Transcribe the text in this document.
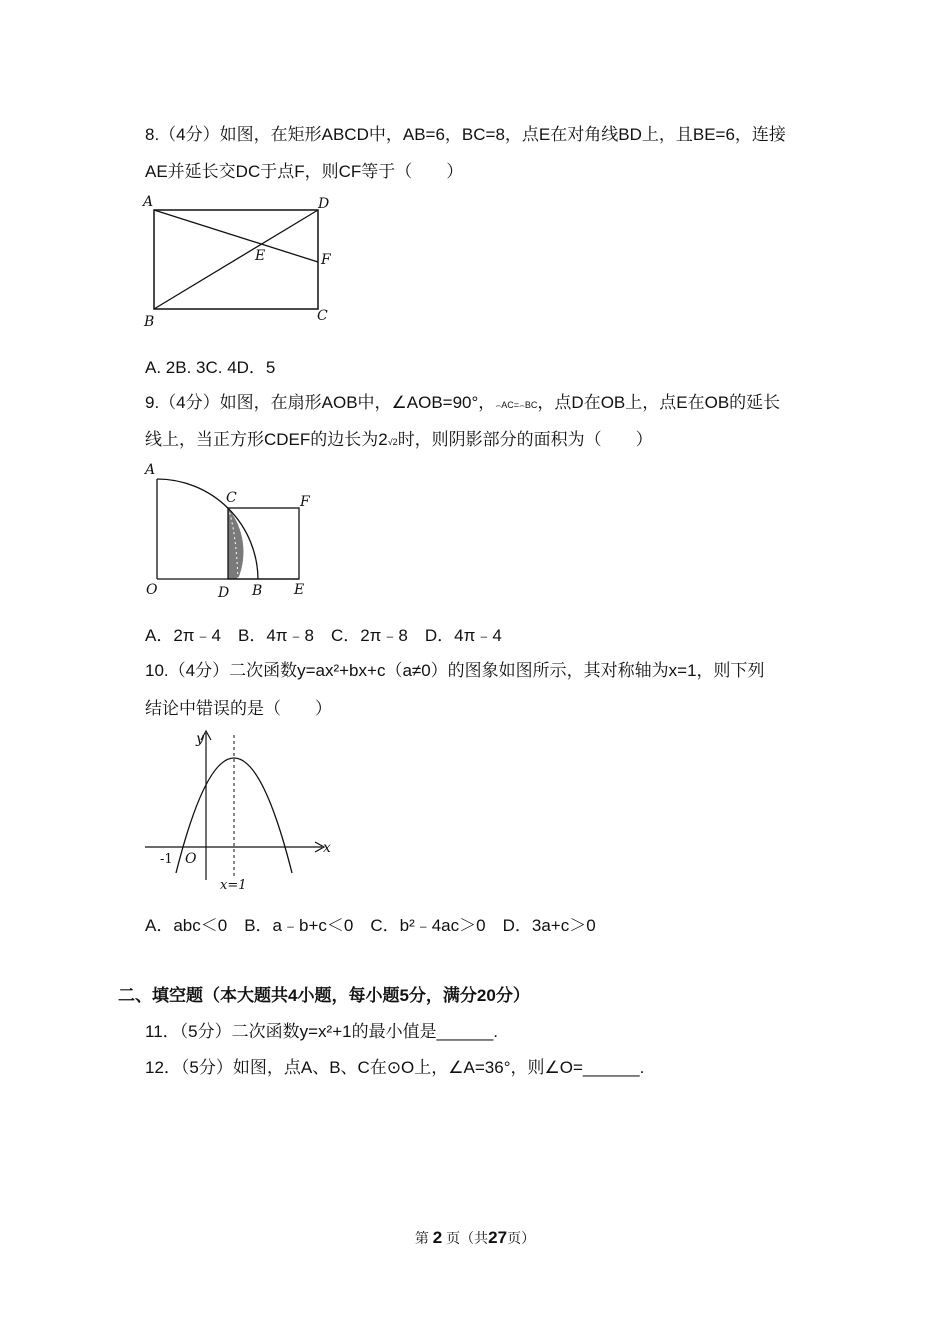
8.（4分）如图，在矩形ABCD中，AB=6，BC=8，点E在对角线BD上，且BE=6，连接
AE并延长交DC于点F，则CF等于（　　）
A	D
E	F
B	C
A. 2B. 3C. 4D．5
9.（4分）如图，在扇形AOB中，∠AOB=90°，⌢AC=⌢BC，点D在OB上，点E在OB的延长
线上，当正方形CDEF的边长为2√2时，则阴影部分的面积为（　　）
A
C	F
O	D B E
A．2π﹣4　B．4π﹣8　C．2π﹣8　D．4π﹣4
10.（4分）二次函数y=ax²+bx+c（a≠0）的图象如图所示，其对称轴为x=1，则下列
结论中错误的是（　　）
y
x
-1 O
x=1
A．abc＜0　B．a﹣b+c＜0　C．b²﹣4ac＞0　D．3a+c＞0
二、填空题（本大题共4小题，每小题5分，满分20分）
11．（5分）二次函数y=x²+1的最小值是______.
12．（5分）如图，点A、B、C在⊙O上，∠A=36°，则∠O=______.
第 2 页（共27页）
